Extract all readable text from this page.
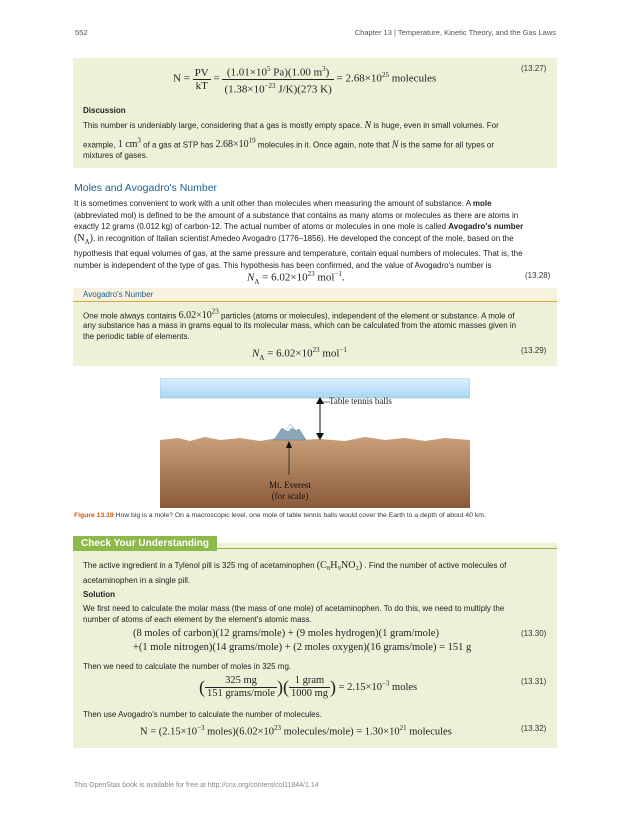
552	Chapter 13 | Temperature, Kinetic Theory, and the Gas Laws
(13.27)
$N = \frac{PV}{kT} = \frac{(1.01\times 10^5 Pa)(1.00 m^3)}{(1.38\times 10^{-23} J/K)(273 K)} = 2.68\times 10^{25}$ molecules
Discussion
This number is undeniably large, considering that a gas is mostly empty space. N is huge, even in small volumes. For
example, 1 $cm^3$ of a gas at STP has $2.68\times 10^{19}$ molecules in it. Once again, note that N is the same for all types or
mixtures of gases.
Moles and Avogadro's Number
It is sometimes convenient to work with a unit other than molecules when measuring the amount of substance. A mole
(abbreviated mol) is defined to be the amount of a substance that contains as many atoms or molecules as there are atoms in
exactly 12 grams (0.012 kg) of carbon-12. The actual number of atoms or molecules in one mole is called Avogadro's number
$(N_A)$, in recognition of Italian scientist Amedeo Avogadro (1776–1856). He developed the concept of the mole, based on the
hypothesis that equal volumes of gas, at the same pressure and temperature, contain equal numbers of molecules. That is, the
number is independent of the type of gas. This hypothesis has been confirmed, and the value of Avogadro's number is
$N_A = 6.02\times 10^{23}$ mol$^{-1}$.	(13.28)
Avogadro's Number
One mole always contains $6.02\times 10^{23}$ particles (atoms or molecules), independent of the element or substance. A mole of
any substance has a mass in grams equal to its molecular mass, which can be calculated from the atomic masses given in
the periodic table of elements.
$N_A = 6.02\times 10^{23}$ mol$^{-1}$	(13.29)
Table tennis balls
Mt. Everest
(for scale)
Figure 13.19 How big is a mole? On a macroscopic level, one mole of table tennis balls would cover the Earth to a depth of about 40 km.
Check Your Understanding
The active ingredient in a Tylenol pill is 325 mg of acetaminophen (C₈H₉NO₂) . Find the number of active molecules of
acetaminophen in a single pill.
Solution
We first need to calculate the molar mass (the mass of one mole) of acetaminophen. To do this, we need to multiply the
number of atoms of each element by the element's atomic mass.
(8 moles of carbon)(12 grams/mole) + (9 moles hydrogen)(1 gram/mole)
+(1 mole nitrogen)(14 grams/mole) + (2 moles oxygen)(16 grams/mole) = 151 g
(13.30)
Then we need to calculate the number of moles in 325 mg.
( $\frac{325 mg}{\text{151 grams/mole}}$ )( $\frac{\text{1 gram}}{1000 mg}$ ) = $2.15\times 10^{-3}$ moles
(13.31)
Then use Avogadro's number to calculate the number of molecules.
$N = (2.15\times 10^{-3}$ $moles)(6.02\times 10^{23}$ molecules/mole) = $1.30\times 10^{21}$ molecules	(13.32)
This OpenStax book is available for free at http://cnx.org/content/col11844/1.14
